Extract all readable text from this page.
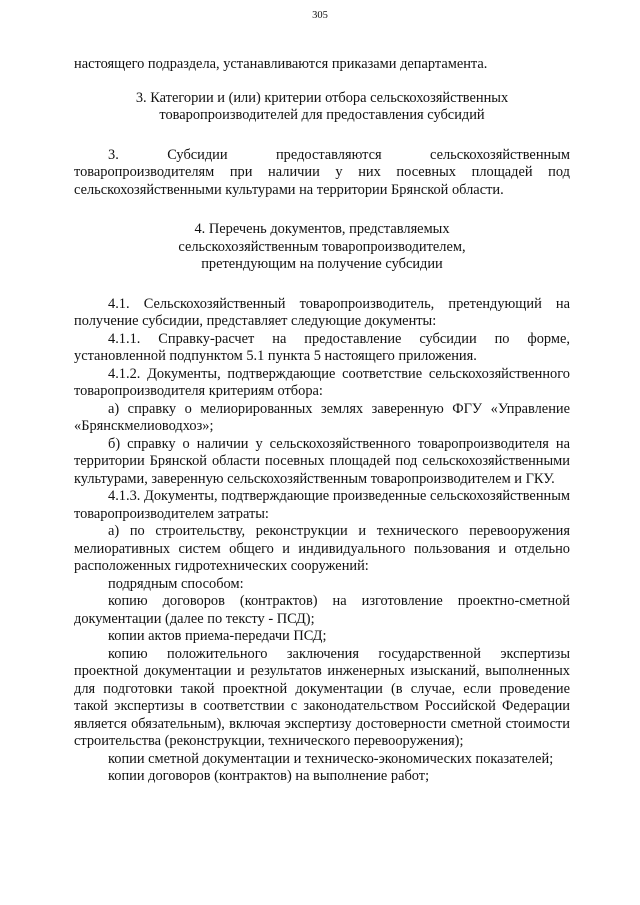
305

настоящего подраздела, устанавливаются приказами департамента.

3. Категории и (или) критерии отбора сельскохозяйственных

товаропроизводителей для предоставления субсидий

3. Субсидии предоставляются сельскохозяйственным товаропроизводителям при наличии у них посевных площадей под сельскохозяйственными культурами на территории Брянской области.

4. Перечень документов, представляемых

сельскохозяйственным товаропроизводителем,

претендующим на получение субсидии

4.1. Сельскохозяйственный товаропроизводитель, претендующий на получение субсидии, представляет следующие документы:

4.1.1. Справку-расчет на предоставление субсидии по форме, установленной подпунктом 5.1 пункта 5 настоящего приложения.

4.1.2. Документы, подтверждающие соответствие сельскохозяйственного товаропроизводителя критериям отбора:

а) справку о мелиорированных землях заверенную ФГУ «Управление «Брянскмелиоводхоз»;

б) справку о наличии у сельскохозяйственного товаропроизводителя на территории Брянской области посевных площадей под сельскохозяйственными культурами, заверенную сельскохозяйственным товаропроизводителем и ГКУ.

4.1.3. Документы, подтверждающие произведенные сельскохозяйственным товаропроизводителем затраты:

а) по строительству, реконструкции и технического перевооружения мелиоративных систем общего и индивидуального пользования и отдельно расположенных гидротехнических сооружений:

подрядным способом:

копию договоров (контрактов) на изготовление проектно-сметной документации (далее по тексту - ПСД);

копии актов приема-передачи ПСД;

копию положительного заключения государственной экспертизы проектной документации и результатов инженерных изысканий, выполненных для подготовки такой проектной документации (в случае, если проведение такой экспертизы в соответствии с законодательством Российской Федерации является обязательным), включая экспертизу достоверности сметной стоимости строительства (реконструкции, технического перевооружения);

копии сметной документации и техническо-экономических показателей;

копии договоров (контрактов) на выполнение работ;
